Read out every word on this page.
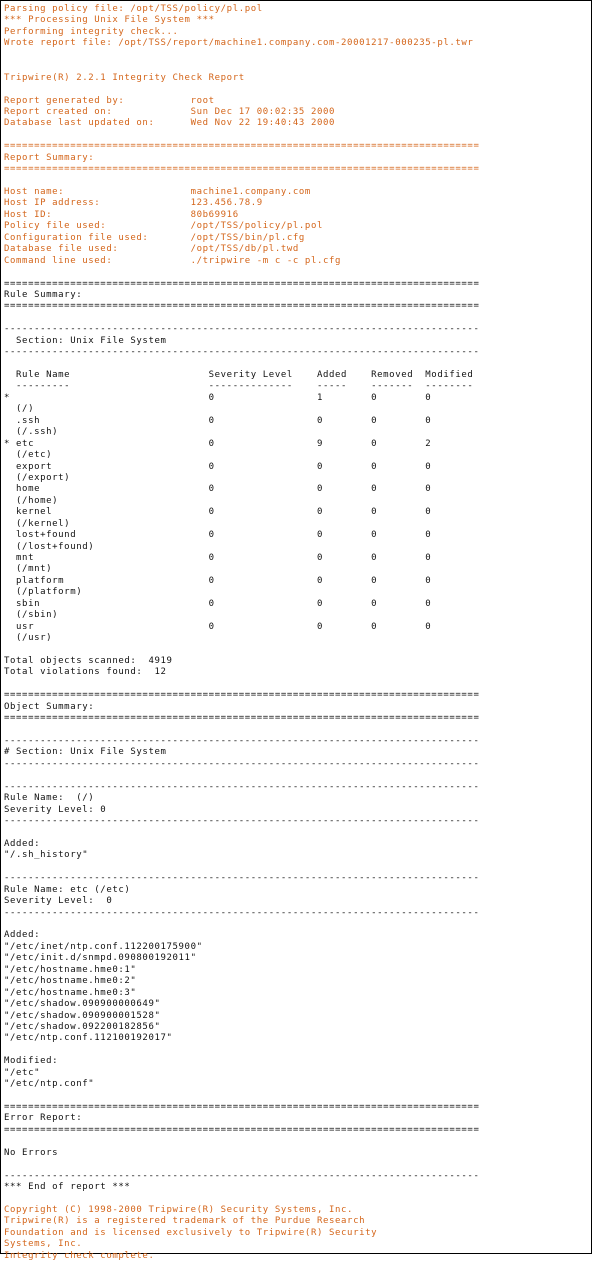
Parsing policy file: /opt/TSS/policy/pl.pol
*** Processing Unix File System ***
Performing integrity check...
Wrote report file: /opt/TSS/report/machine1.company.com-20001217-000235-pl.twr
Tripwire(R) 2.2.1 Integrity Check Report
Report generated by:           root
Report created on:             Sun Dec 17 00:02:35 2000
Database last updated on:      Wed Nov 22 19:40:43 2000
===============================================================================
Report Summary:
===============================================================================
Host name:                     machine1.company.com
Host IP address:               123.456.78.9
Host ID:                       80b69916
Policy file used:              /opt/TSS/policy/pl.pol
Configuration file used:       /opt/TSS/bin/pl.cfg
Database file used:            /opt/TSS/db/pl.twd
Command line used:             ./tripwire -m c -c pl.cfg
===============================================================================
Rule Summary:
===============================================================================
-------------------------------------------------------------------------------
Section: Unix File System
-------------------------------------------------------------------------------
Rule Name                       Severity Level    Added    Removed  Modified
---------                       --------------    -----    -------  --------
*                                 0                 1        0        0
(/)
.ssh                            0                 0        0        0
(/.ssh)
* etc                             0                 9        0        2
(/etc)
export                          0                 0        0        0
(/export)
home                            0                 0        0        0
(/home)
kernel                          0                 0        0        0
(/kernel)
lost+found                      0                 0        0        0
(/lost+found)
mnt                             0                 0        0        0
(/mnt)
platform                        0                 0        0        0
(/platform)
sbin                            0                 0        0        0
(/sbin)
usr                             0                 0        0        0
(/usr)
Total objects scanned:  4919
Total violations found:  12
===============================================================================
Object Summary:
===============================================================================
-------------------------------------------------------------------------------
# Section: Unix File System
-------------------------------------------------------------------------------
-------------------------------------------------------------------------------
Rule Name:  (/)
Severity Level: 0
-------------------------------------------------------------------------------
Added:
"/.sh_history"
-------------------------------------------------------------------------------
Rule Name: etc (/etc)
Severity Level:  0
-------------------------------------------------------------------------------
Added:
"/etc/inet/ntp.conf.112200175900"
"/etc/init.d/snmpd.090800192011"
"/etc/hostname.hme0:1"
"/etc/hostname.hme0:2"
"/etc/hostname.hme0:3"
"/etc/shadow.090900000649"
"/etc/shadow.090900001528"
"/etc/shadow.092200182856"
"/etc/ntp.conf.112100192017"
Modified:
"/etc"
"/etc/ntp.conf"
===============================================================================
Error Report:
===============================================================================
No Errors
-------------------------------------------------------------------------------
*** End of report ***
Copyright (C) 1998-2000 Tripwire(R) Security Systems, Inc.
Tripwire(R) is a registered trademark of the Purdue Research
Foundation and is licensed exclusively to Tripwire(R) Security
Systems, Inc.
Integrity check complete.
